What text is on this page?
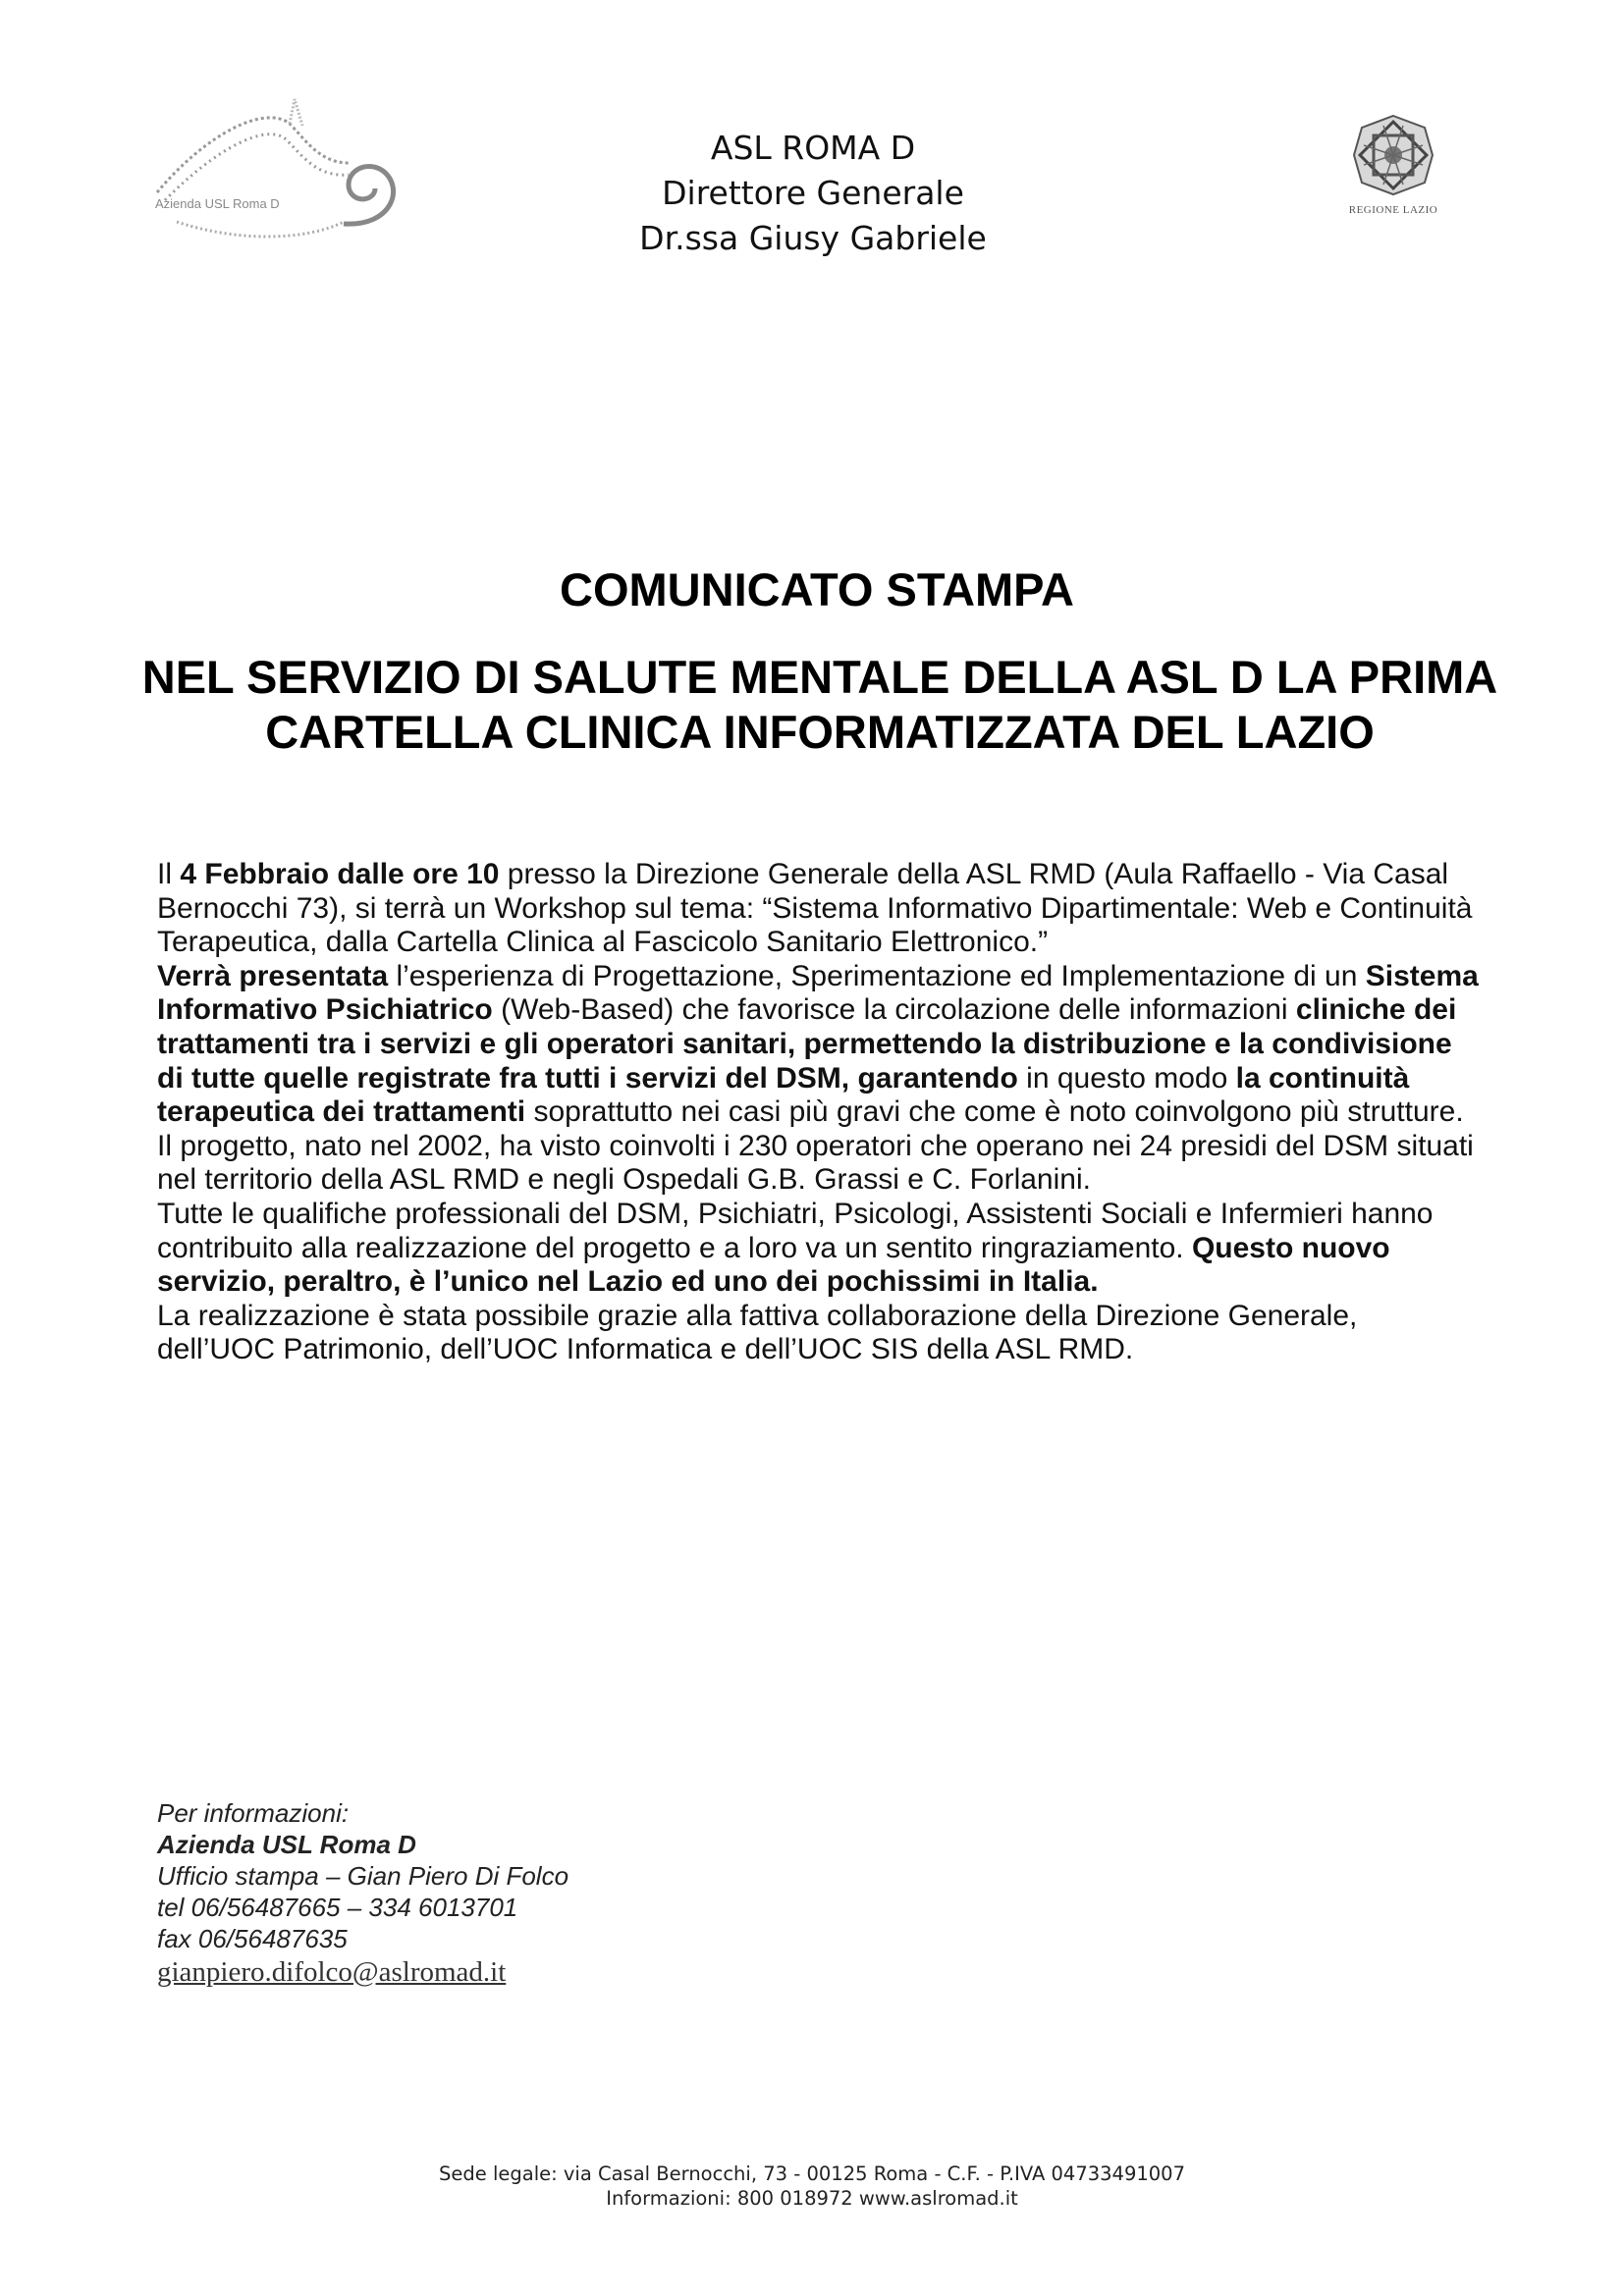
Azienda USL Roma D
ASL ROMA D
Direttore Generale
Dr.ssa Giusy Gabriele
REGIONE LAZIO
COMUNICATO STAMPA
NEL SERVIZIO DI SALUTE MENTALE DELLA ASL D LA PRIMA CARTELLA CLINICA INFORMATIZZATA DEL LAZIO

Il 4 Febbraio dalle ore 10 presso la Direzione Generale della ASL RMD (Aula Raffaello - Via Casal Bernocchi 73), si terrà un Workshop sul tema: “Sistema Informativo Dipartimentale: Web e Continuità Terapeutica, dalla Cartella Clinica al Fascicolo Sanitario Elettronico.”

Verrà presentata l’esperienza di Progettazione, Sperimentazione ed Implementazione di un Sistema Informativo Psichiatrico (Web-Based) che favorisce la circolazione delle informazioni cliniche dei trattamenti tra i servizi e gli operatori sanitari, permettendo la distribuzione e la condivisione di tutte quelle registrate fra tutti i servizi del DSM, garantendo in questo modo la continuità terapeutica dei trattamenti soprattutto nei casi più gravi che come è noto coinvolgono più strutture.

Il progetto, nato nel 2002, ha visto coinvolti i 230 operatori che operano nei 24 presidi del DSM situati nel territorio della ASL RMD e negli Ospedali G.B. Grassi e C. Forlanini.

Tutte le qualifiche professionali del DSM, Psichiatri, Psicologi, Assistenti Sociali e Infermieri hanno contribuito alla realizzazione del progetto e a loro va un sentito ringraziamento. Questo nuovo servizio, peraltro, è l’unico nel Lazio ed uno dei pochissimi in Italia.

La realizzazione è stata possibile grazie alla fattiva collaborazione della Direzione Generale, dell’UOC Patrimonio, dell’UOC Informatica e dell’UOC SIS della ASL RMD.

Per informazioni:
Azienda USL Roma D
Ufficio stampa – Gian Piero Di Folco
tel 06/56487665 – 334 6013701
fax 06/56487635
gianpiero.difolco@aslromad.it
Sede legale: via Casal Bernocchi, 73 - 00125 Roma - C.F. - P.IVA 04733491007
Informazioni: 800 018972 www.aslromad.it
